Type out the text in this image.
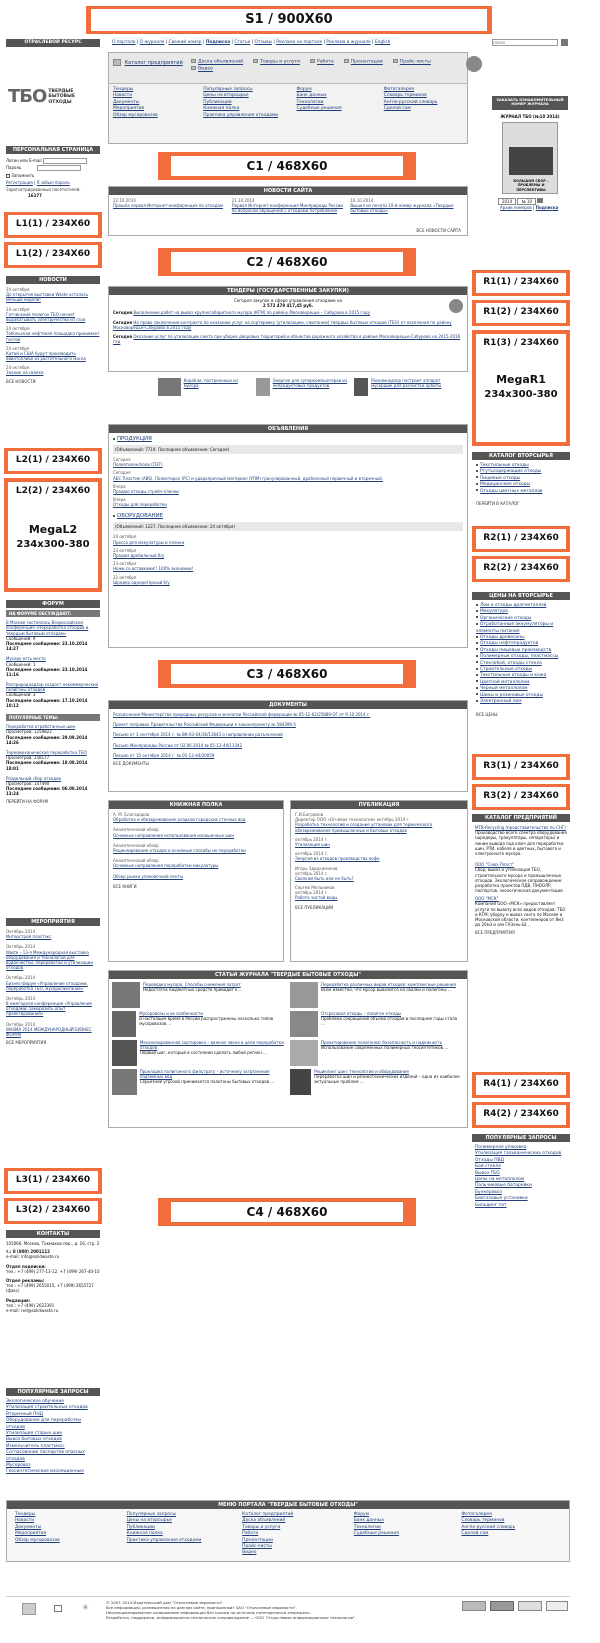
S1 / 900X60
ОТРАСЛЕВОЙ РЕСУРС	О портале | О журнале | Свежий номер | Подписка | Статьи | Отзывы | Реклама на портале | Реклама в журнале | English
поиск
ТБО ТВЕРДЫЕ
БЫТОВЫЕ
ОТХОДЫ
Каталог предприятий	Доска объявлений	Товары и услуги	Работа	Презентации	Прайс-листы
Видео
Тендеры
Новости
Документы
Мероприятия
Обзор мусоровозов
Популярные запросы
Цены на вторсырье
Публикации
Книжная полка
Практика управления отходами
Форум
Банк данных
Технологии
Судебные решения
Фотогалерея
Словарь терминов
Англо-русский словарь
Сделай сам
ЗАКАЗАТЬ ОЗНАКОМИТЕЛЬНЫЙ НОМЕР ЖУРНАЛА
ЖУРНАЛ ТБО (№10 2014)
БОЛЬШОЙ СБОР – ПРОБЛЕМЫ И ПЕРСПЕКТИВЫ
2014 № 10
Архив номеров | Подписка
ПЕРСОНАЛЬНАЯ СТРАНИЦА
Логин или E-mail
Пароль
Запомнить
Регистрация | Я забыл пароль
Зарегистрированных посетителей:
16177
C1 / 468X60
НОВОСТИ САЙТА
22.10.2014
Прошла первая Интернет-конференция по отходам
21.10.2014
Первая Интернет-конференция Минприроды России по вопросам обращения с отходами потребления
16.10.2014
Вышел из печати 10-й номер журнала «Твердые бытовые отходы»
ВСЕ НОВОСТИ САЙТА
L1(1) / 234X60
L1(2) / 234X60
C2 / 468X60
R1(1) / 234X60
R1(2) / 234X60
R1(3) / 234X60
MegaR1
234x300-380
НОВОСТИ
24 октября
До открытия выставки Waste осталось меньше недели!
24 октября
Гатчинский полигон ТБО начнет вырабатывать электричество из газа
24 октября
Тобольская нефтяная площадка принимает гостей
24 октября
Китай и США будут производить авиатопливо из растительного масла
24 октября
Знание на свалке
ВСЕ НОВОСТИ
ТЕНДЕРЫ (ГОСУДАРСТВЕННЫЕ ЗАКУПКИ)
Сегодня закупок в сфере управления отходами на
2 572 479 417,45 руб.
Сегодня Выполнение работ на вывоз крупногабаритного мусора (КГМ) по району Московорецье – Сабурово в 2015 году
Сегодня На право заключения контракта по оказанию услуг на сортировку (утилизацию, сжиганию) твердых бытовых отходов (ТБО) от населения по району Московорецье–Сабурово в 2015 году
Сегодня Оказание услуг по утилизации смета при уборке дворовых территорий и объектов дорожного хозяйства в районе Московорецье-Сабурово на 2015-2016 год
Корабли, построенные из мусора
Энергия для суперкомпьютеров из непродуктовых продуктов
Роскомнадзор построит аппарат мусорщик для расчистки орбиты
ОБЪЯВЛЕНИЯ
ПРОДУКЦИЯ
(Объявлений: 7719. Последнее объявление: Сегодня)
Сегодня
Полиэтилен/поли (ПЭТ)
Сегодня
АБС Пластик (ABS), Полистирол (PC) и ударопрочный материал (УПМ) гранулированный, дробленный первичный и вторичный.
Вчера
Продаю отходы стрейч-пленки
Вчера
Отходы для переработки
ОБОРУДОВАНИЕ
(Объявлений: 1227. Последнее объявление: 24 октября)
24 октября
Пресса для макулатуры и пленки
23 октября
Продам дробильный б/у
23 октября
Ножи со вставками!! 100% экономии!
22 октября
Шредер однороторный б/у
L2(1) / 234X60
L2(2) / 234X60
MegaL2
234x300-380
КАТАЛОГ ВТОРСЫРЬЯ
Текстильные отходы
Ртутьсодержащие отходы
Пищевые отходы
Медицинские отходы
Отходы цветных металлов
ПЕРЕЙТИ В КАТАЛОГ
R2(1) / 234X60
R2(2) / 234X60
ЦЕНЫ НА ВТОРСЫРЬЕ
Лом и отходы драгметаллов
Макулатура
Органические отходы
Отработанные аккумуляторы и элементы питания
Отходы древесины
Отходы нефтепродуктов
Отходы пищевых производств
Полимерные отходы, пластмассы
Стеклобой, отходы стекла
Строительные отходы
Текстильные отходы и кожа
Цветной металлолом
Черный металлолом
Шины и резиновые отходы
Электронный лом
ВСЕ ЦЕНЫ
ФОРУМ
НА ФОРУМЕ ОБСУЖДАЮТ:
В Москве состоялась Всероссийская конференция «Переработка отходов и твердым бытовым отходам»
Сообщений: 9
Последнее сообщение: 23.10.2014 14:27
Мусору есть место
Сообщений: 1
Последнее сообщение: 23.10.2014 11:16
Росприроднадзор создаст некоммерческие полигоны отходов
Сообщений: 3
Последнее сообщение: 17.10.2014 10:12
ПОПУЛЯРНЫЕ ТЕМЫ:
Переработка отработанных шин
Просмотров: 1259822
Последнее сообщение: 29.09.2014 14:26
Термомеханическая переработка ТБО
Просмотров: 258177
Последнее сообщение: 18.08.2014 18:01
Раздельный сбор отходов
Просмотров: 147490
Последнее сообщение: 06.08.2014 13:24
ПЕРЕЙТИ НА ФОРУМ
C3 / 468X60
ДОКУМЕНТЫ
Разъяснения Министерства природных ресурсов и экологии Российской федерации № 05-12-02/25889-ОГ от 9.10.2014 г.
Проект поправок Правительства Российской Федерации к законопроекту № 584399-5
Письмо от 3 сентября 2014 г. № ВК-03-04/36/13643 о направлении разъяснений
Письмо Минприроды России от 02.06.2014 № 05-12-44/11342
Письмо от 15 октября 2014 г. № 05-12-44/20059
ВСЕ ДОКУМЕНТЫ	R3(1) / 234X60
R3(2) / 234X60
КНИЖНАЯ ПОЛКА
А. М. Благодаров
Обработка и обезвреживание осадков городских сточных вод
Аналитический обзор
Основные направления использования изношенных шин
Аналитический обзор
Рециклирование отходов и основные способы их переработки
Аналитический обзор
Основные направления переработки макулатуры
Обзор рынка упаковочной ленты
ВСЕ КНИГИ
ПУБЛИКАЦИЯ
Г.И.Баграмов
Директор ООО «Огневая технология» октябрь 2014 г.
Разработка технологий и создание установок для термического обезвреживания промышленных и бытовых отходов
октябрь 2014 г.
Утилизация шин
октябрь 2014 г.
Энергия из отходов производства кофе
Игорь Здороженков
октябрь 2014 г.
Свалкам быть или не быть?
Сергей Мельников
октябрь 2014 г.
Работа чистой воды
ВСЕ ПУБЛИКАЦИИ
КАТАЛОГ ПРЕДПРИЯТИЙ
MTB-Recycling (представительство по СНГ)
Производство всего спектра оборудования (шредеры, грануляторы, сепараторы) и линии вывода под ключ для переработки шин, РТИ, кабеля и цветных, бытового и электронного мусора.
ООО "Союз-Пласт"
Сбор, вывоз и утилизация ТБО, строительного мусора и промышленных отходов. Экологическое сопровождение: разработка проектов ПДВ, ПНООЛР, паспортов, экологическая документация.
ООО "МСК"
Компания ООО «МСК» предоставляет услуги по вывозу всех видов отходов: ТБО и КГМ, уборку и вывоз снега по Москве и Московской области, контейнеров от 8м3 до 20м3 и а/м ГАЗель-Ш...
ВСЕ ПРЕДПРИЯТИЯ
МЕРОПРИЯТИЯ
Октябрь 2014
Интерстрой пластэкс
Октябрь 2014
Waste – 13-я Международная выставка оборудования и технологий для водоочистки, переработки и утилизации отходов
Октябрь 2014
Бизнес-форум «Управление отходами, переработка ТБО, мусоросжигание»
Октябрь 2014
8 ежегодная конференция «Управление отходами: заморозить опыт проектирования»
Октябрь 2014
WASMA 2014 МЕЖДУНАРОДНЫЙ БИЗНЕС ФОРУМ
ВСЕ МЕРОПРИЯТИЯ
СТАТЬИ ЖУРНАЛА "ТВЕРДЫЕ БЫТОВЫЕ ОТХОДЫ"
Переводка мусора. Способы снижения затрат
Недостаток бюджетных средств приводит к ...
Переработка различных видов отходов: комплексные решения
Всем известно, что мусор вывозится на свалки и полигоны ...
Мусоровозы и их особенности
В настоящее время в России распространены несколько типов мусоровозов ...
Отсресовая отходы – полигон отходы
Проблема сокращения объема отходов в последние годы стала ...
Механизированная сортировка – важное звено в цепи переработки отходов
Первый шаг, который в состоянии сделать любой регион ...
Проектирование полигонов: безопасность и надежность
Использование современных полимерных геосинтетиков ...
Прокладка полигонного фильтрату – источнику загрязнения подземных вод
Серьёзной угрозой принимается полигоны бытовых отходов ...
Рециклинг шин: технологии и оборудование
Переработка шин и резинотехнических изделий – одна из наиболее актуальных проблем ...	R4(1) / 234X60
R4(2) / 234X60
ПОПУЛЯРНЫЕ ЗАПРОСЫ
Полимерная упаковка
Утилизация гальванических отходов
Отходы ПВД
Бой стекла
Вывоз ТБО
Цены на металлолом
Пальчиковые батарейки
Бункеровоз
Биогазовые установки
Бильдинг пэт
L3(1) / 234X60
L3(2) / 234X60	C4 / 468X60
КОНТАКТЫ
105066, Москва, Токмаков пер., д. 16, стр. 2
т.: 8 (800) 2001112
e-mail: info@solidwaste.ru
Отдел подписки:
тел.: +7 (499) 277-13-12, +7 (499) 267-40-10
Отдел рекламы:
тел.: +7 (499) 2655015, +7 (499) 2655727 (факс)
Редакция:
тел.: +7 (499) 2622391
e-mail: red@solidwaste.ru
ПОПУЛЯРНЫЕ ЗАПРОСЫ
Экологическое обучение
Утилизация строительных отходов
Вторичный ПНД
Оборудование для переработки отходов
Утилизация старых шин
Вывоз бытовых отходов
Измельчитель пластмасс
Согласование паспортов опасных отходов
Мусоровоз
Геосинтетические изоляционные
МЕНЮ ПОРТАЛА "ТВЕРДЫЕ БЫТОВЫЕ ОТХОДЫ"
Тендеры
Новости
Документы
Мероприятия
Обзор мусоровозов
Популярные запросы
Цены на вторсырье
Публикации
Книжная полка
Практика управления отходами
Каталог предприятий
Доска объявлений
Товары и услуги
Работа
Презентации
Прайс-листы
Видео
Форум
Банк данных
Технологии
Судебные решения
Фотогалерея
Словарь терминов
Англо-русский словарь
Сделай сам
✳
© 2007–2014 Издательский дом "Отраслевые ведомости".
Все информация, размещенная на данном сайте, принадлежит ЗАО "Отраслевые ведомости".
Несанкционированное копирование информации без ссылки на источник категорически запрещено.
Разработка, поддержка, информационно-техническое сопровождение — ООО "Отраслевые информационные технологии".
